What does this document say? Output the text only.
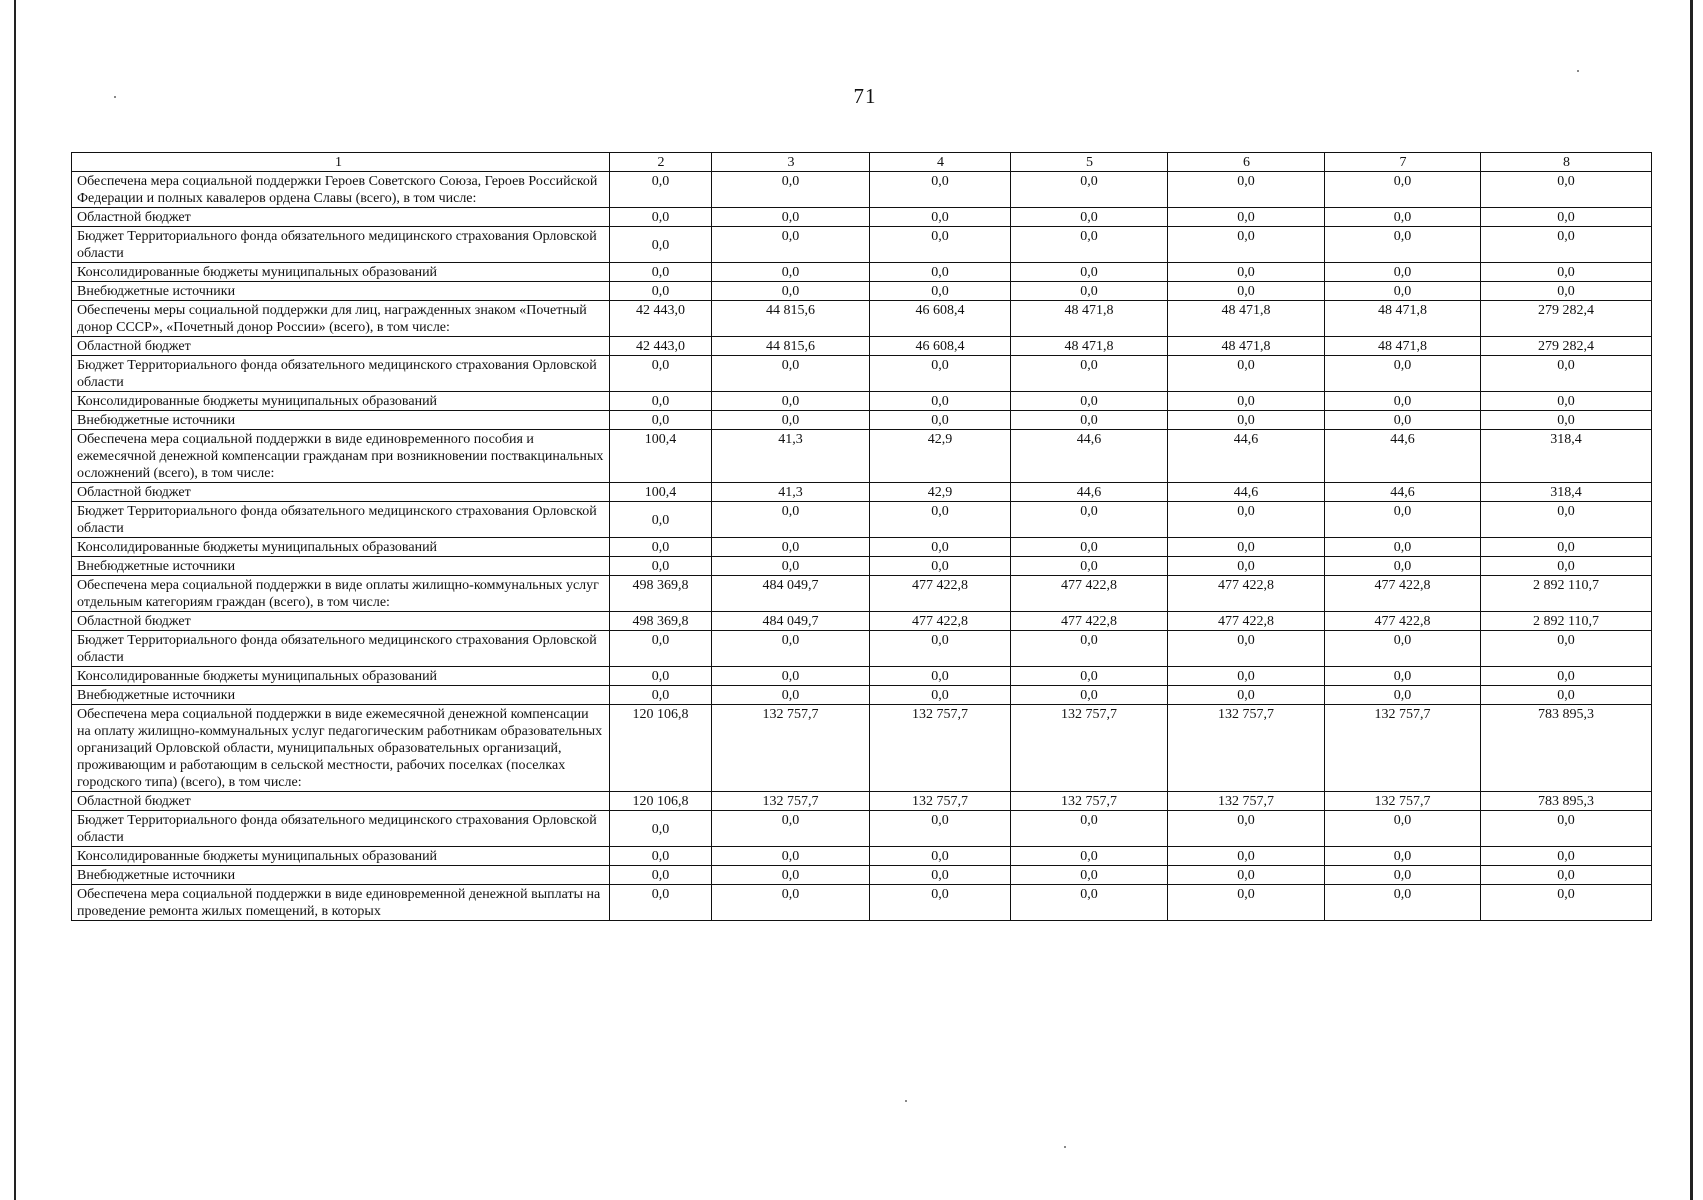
71
1	2	3	4	5	6	7	8
Обеспечена мера социальной поддержки Героев Советского Союза, Героев Российской Федерации и полных кавалеров ордена Славы (всего), в том числе:	0,0	0,0	0,0	0,0	0,0	0,0	0,0
Областной бюджет	0,0	0,0	0,0	0,0	0,0	0,0	0,0
Бюджет Территориального фонда обязательного медицинского страхования Орловской области	0,0	0,0	0,0	0,0	0,0	0,0	0,0
Консолидированные бюджеты муниципальных образований	0,0	0,0	0,0	0,0	0,0	0,0	0,0
Внебюджетные источники	0,0	0,0	0,0	0,0	0,0	0,0	0,0
Обеспечены меры социальной поддержки для лиц, награжденных знаком «Почетный донор СССР», «Почетный донор России» (всего), в том числе:	42 443,0	44 815,6	46 608,4	48 471,8	48 471,8	48 471,8	279 282,4
Областной бюджет	42 443,0	44 815,6	46 608,4	48 471,8	48 471,8	48 471,8	279 282,4
Бюджет Территориального фонда обязательного медицинского страхования Орловской области	0,0	0,0	0,0	0,0	0,0	0,0	0,0
Консолидированные бюджеты муниципальных образований	0,0	0,0	0,0	0,0	0,0	0,0	0,0
Внебюджетные источники	0,0	0,0	0,0	0,0	0,0	0,0	0,0
Обеспечена мера социальной поддержки в виде единовременного пособия и ежемесячной денежной компенсации гражданам при возникновении поствакцинальных осложнений (всего), в том числе:	100,4	41,3	42,9	44,6	44,6	44,6	318,4
Областной бюджет	100,4	41,3	42,9	44,6	44,6	44,6	318,4
Бюджет Территориального фонда обязательного медицинского страхования Орловской области	0,0	0,0	0,0	0,0	0,0	0,0	0,0
Консолидированные бюджеты муниципальных образований	0,0	0,0	0,0	0,0	0,0	0,0	0,0
Внебюджетные источники	0,0	0,0	0,0	0,0	0,0	0,0	0,0
Обеспечена мера социальной поддержки в виде оплаты жилищно-коммунальных услуг отдельным категориям граждан (всего), в том числе:	498 369,8	484 049,7	477 422,8	477 422,8	477 422,8	477 422,8	2 892 110,7
Областной бюджет	498 369,8	484 049,7	477 422,8	477 422,8	477 422,8	477 422,8	2 892 110,7
Бюджет Территориального фонда обязательного медицинского страхования Орловской области	0,0	0,0	0,0	0,0	0,0	0,0	0,0
Консолидированные бюджеты муниципальных образований	0,0	0,0	0,0	0,0	0,0	0,0	0,0
Внебюджетные источники	0,0	0,0	0,0	0,0	0,0	0,0	0,0
Обеспечена мера социальной поддержки в виде ежемесячной денежной компенсации на оплату жилищно-коммунальных услуг педагогическим работникам образовательных организаций Орловской области, муниципальных образовательных организаций, проживающим и работающим в сельской местности, рабочих поселках (поселках городского типа) (всего), в том числе:	120 106,8	132 757,7	132 757,7	132 757,7	132 757,7	132 757,7	783 895,3
Областной бюджет	120 106,8	132 757,7	132 757,7	132 757,7	132 757,7	132 757,7	783 895,3
Бюджет Территориального фонда обязательного медицинского страхования Орловской области	0,0	0,0	0,0	0,0	0,0	0,0	0,0
Консолидированные бюджеты муниципальных образований	0,0	0,0	0,0	0,0	0,0	0,0	0,0
Внебюджетные источники	0,0	0,0	0,0	0,0	0,0	0,0	0,0
Обеспечена мера социальной поддержки в виде единовременной денежной выплаты на проведение ремонта жилых помещений, в которых	0,0	0,0	0,0	0,0	0,0	0,0	0,0
